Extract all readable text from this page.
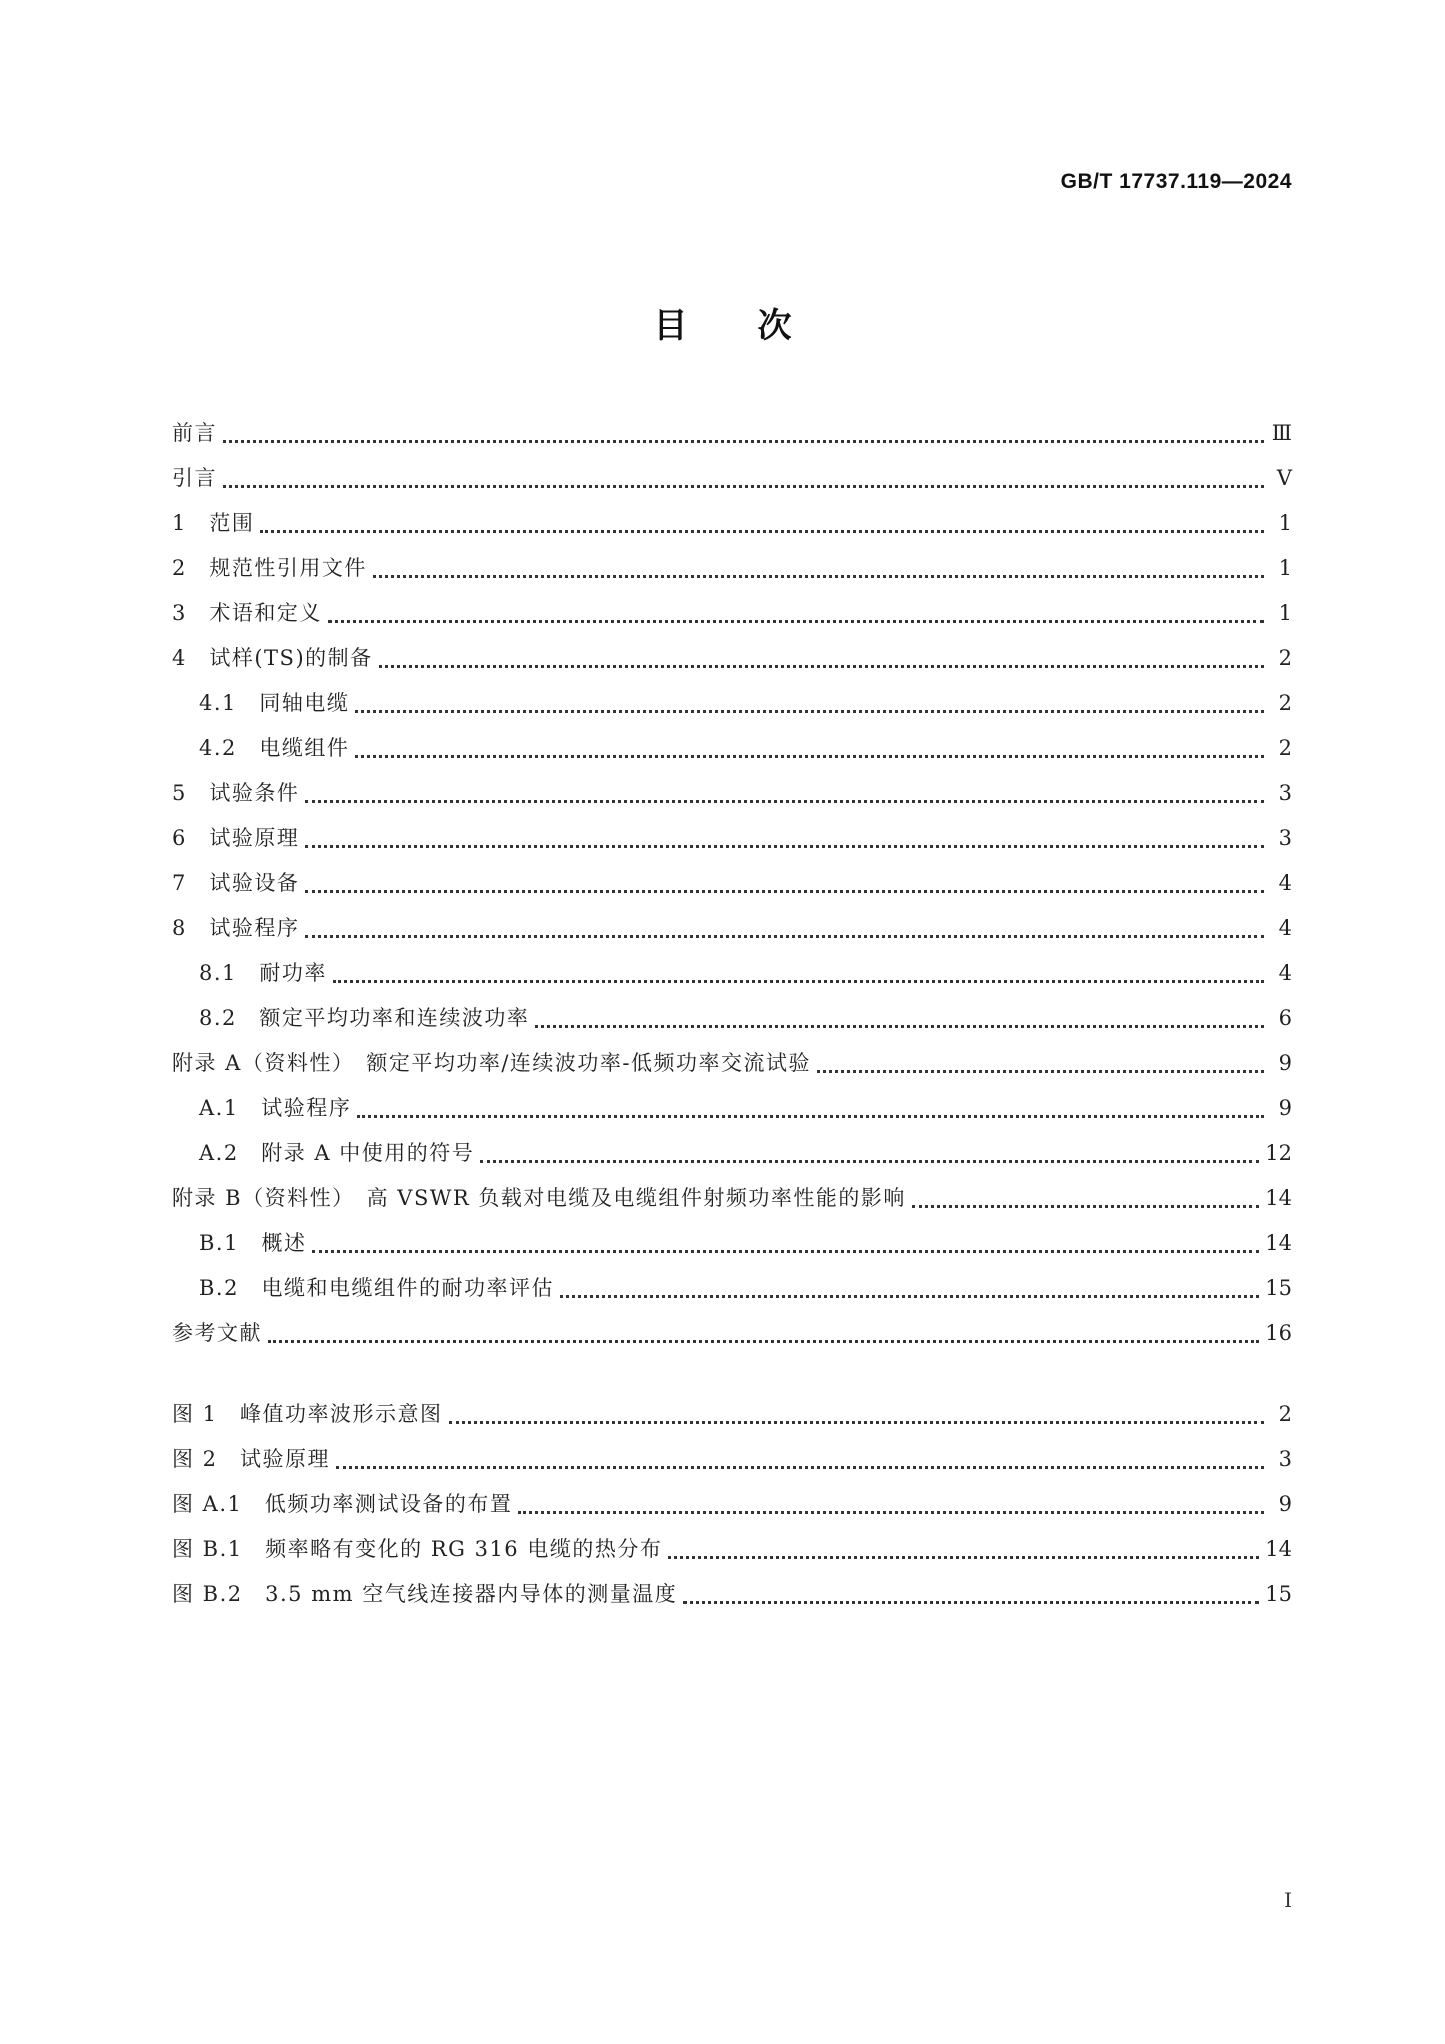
GB/T 17737.119—2024
目次
前言	Ⅲ
引言	Ⅴ
1　范围	1
2　规范性引用文件	1
3　术语和定义	1
4　试样(TS)的制备	2
4.1　同轴电缆	2
4.2　电缆组件	2
5　试验条件	3
6　试验原理	3
7　试验设备	4
8　试验程序	4
8.1　耐功率	4
8.2　额定平均功率和连续波功率	6
附录 A（资料性）　额定平均功率/连续波功率-低频功率交流试验	9
A.1　试验程序	9
A.2　附录 A 中使用的符号	12
附录 B（资料性）　高 VSWR 负载对电缆及电缆组件射频功率性能的影响	14
B.1　概述	14
B.2　电缆和电缆组件的耐功率评估	15
参考文献	16
图 1　峰值功率波形示意图	2
图 2　试验原理	3
图 A.1　低频功率测试设备的布置	9
图 B.1　频率略有变化的 RG 316 电缆的热分布	14
图 B.2　3.5 mm 空气线连接器内导体的测量温度	15
I
